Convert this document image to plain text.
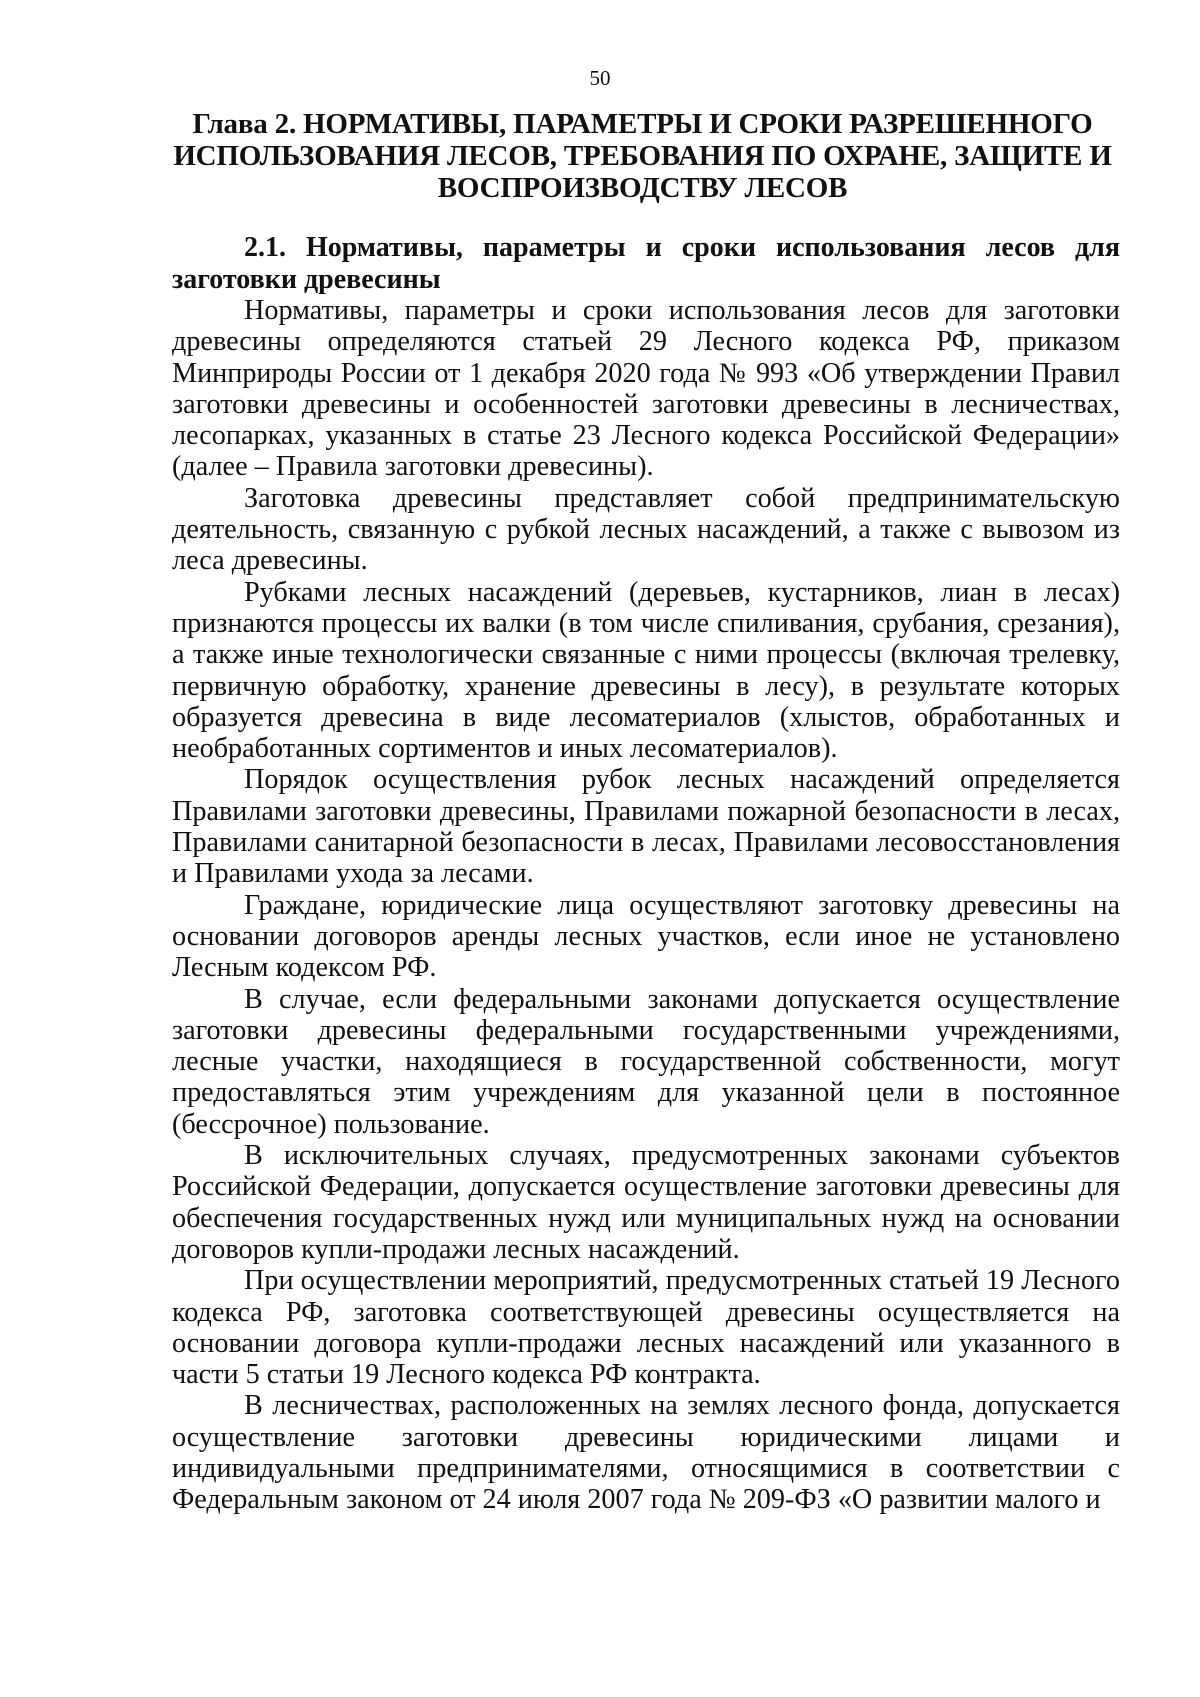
50
Глава 2. НОРМАТИВЫ, ПАРАМЕТРЫ И СРОКИ РАЗРЕШЕННОГО ИСПОЛЬЗОВАНИЯ ЛЕСОВ, ТРЕБОВАНИЯ ПО ОХРАНЕ, ЗАЩИТЕ И ВОСПРОИЗВОДСТВУ ЛЕСОВ

2.1. Нормативы, параметры и сроки использования лесов для заготовки древесины

Нормативы, параметры и сроки использования лесов для заготовки древесины определяются статьей 29 Лесного кодекса РФ, приказом Минприроды России от 1 декабря 2020 года № 993 «Об утверждении Правил заготовки древесины и особенностей заготовки древесины в лесничествах, лесопарках, указанных в статье 23 Лесного кодекса Российской Федерации» (далее – Правила заготовки древесины).

Заготовка древесины представляет собой предпринимательскую деятельность, связанную с рубкой лесных насаждений, а также с вывозом из леса древесины.

Рубками лесных насаждений (деревьев, кустарников, лиан в лесах) признаются процессы их валки (в том числе спиливания, срубания, срезания), а также иные технологически связанные с ними процессы (включая трелевку, первичную обработку, хранение древесины в лесу), в результате которых образуется древесина в виде лесоматериалов (хлыстов, обработанных и необработанных сортиментов и иных лесоматериалов).

Порядок осуществления рубок лесных насаждений определяется Правилами заготовки древесины, Правилами пожарной безопасности в лесах, Правилами санитарной безопасности в лесах, Правилами лесовосстановления и Правилами ухода за лесами.

Граждане, юридические лица осуществляют заготовку древесины на основании договоров аренды лесных участков, если иное не установлено Лесным кодексом РФ.

В случае, если федеральными законами допускается осуществление заготовки древесины федеральными государственными учреждениями, лесные участки, находящиеся в государственной собственности, могут предоставляться этим учреждениям для указанной цели в постоянное (бессрочное) пользование.

В исключительных случаях, предусмотренных законами субъектов Российской Федерации, допускается осуществление заготовки древесины для обеспечения государственных нужд или муниципальных нужд на основании договоров купли-продажи лесных насаждений.

При осуществлении мероприятий, предусмотренных статьей 19 Лесного кодекса РФ, заготовка соответствующей древесины осуществляется на основании договора купли-продажи лесных насаждений или указанного в части 5 статьи 19 Лесного кодекса РФ контракта.

В лесничествах, расположенных на землях лесного фонда, допускается осуществление заготовки древесины юридическими лицами и индивидуальными предпринимателями, относящимися в соответствии с Федеральным законом от 24 июля 2007 года № 209-ФЗ «О развитии малого и
